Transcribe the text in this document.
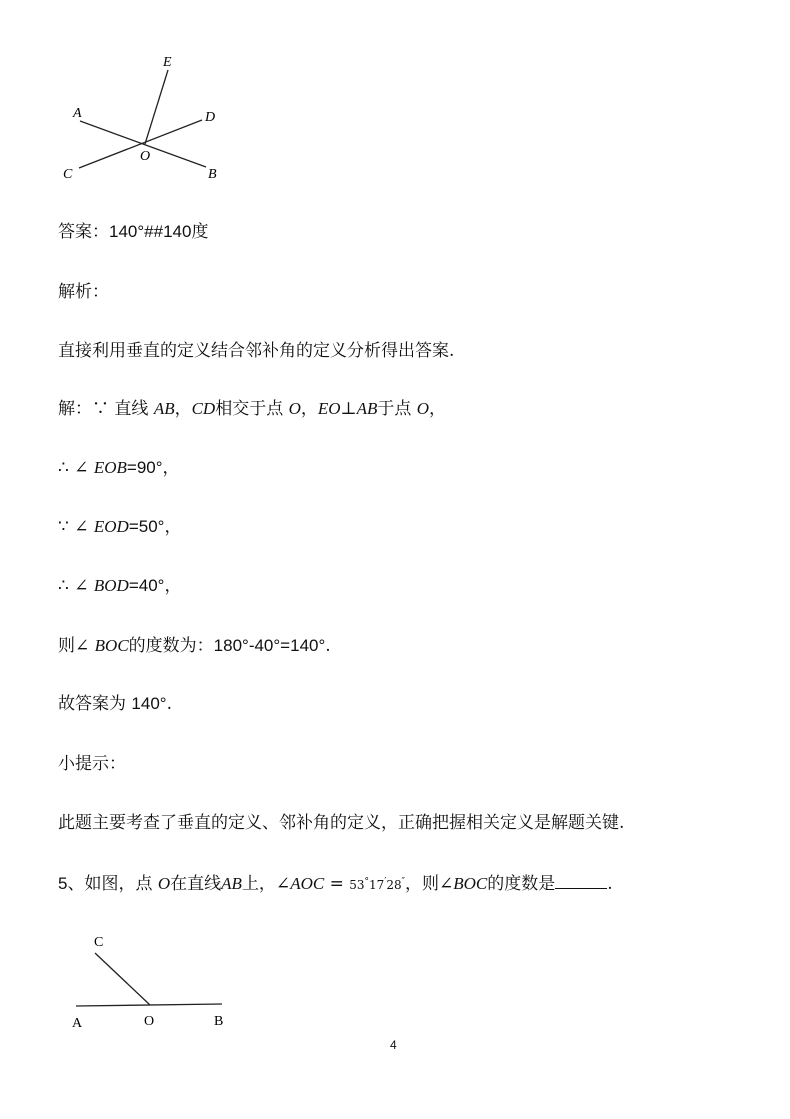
E
A	D
O
C	B
答案：140°##140度
解析：
直接利用垂直的定义结合邻补角的定义分析得出答案.
解：∵ 直线 AB，CD相交于点 O，EO⊥AB于点 O，
∴ ∠ EOB=90°，
∵ ∠ EOD=50°，
∴ ∠ BOD=40°，
则∠ BOC的度数为：180°-40°=140°.
故答案为 140°.
小提示：
此题主要考查了垂直的定义、邻补角的定义，正确把握相关定义是解题关键.
5、如图，点 O在直线AB上，∠AOC = 53°17′28″，则∠BOC的度数是	.
C
A	O	B
4
